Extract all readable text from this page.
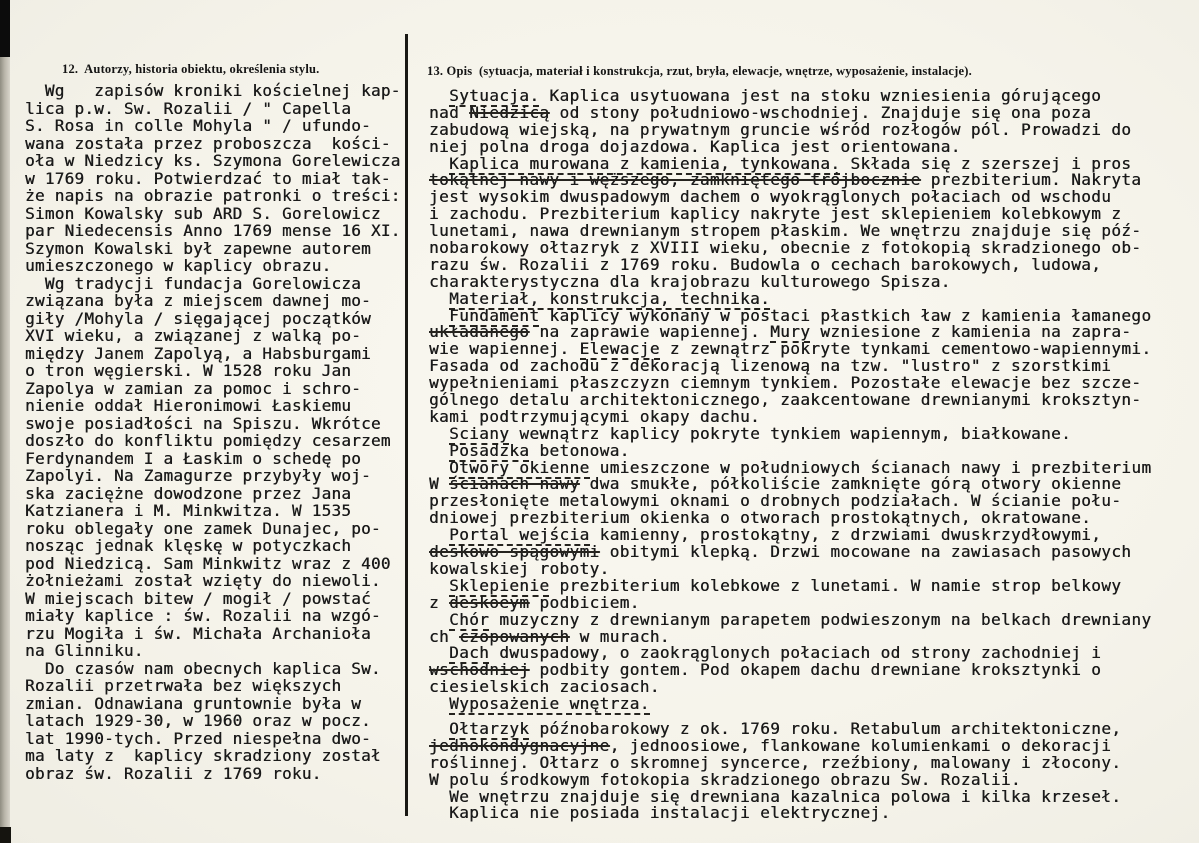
12.  Autorzy, historia obiektu, określenia stylu.
Wg   zapisów kroniki kościelnej kap-
lica p.w. Sw. Rozalii / " Capella
S. Rosa in colle Mohyla " / ufundo-
wana została przez proboszcza  kości-
oła w Niedzicy ks. Szymona Gorelewicza
w 1769 roku. Potwierdzać to miał tak-
że napis na obrazie patronki o treści:
Simon Kowalsky sub ARD S. Gorelowicz
par Niedecensis Anno 1769 mense 16 XI.
Szymon Kowalski był zapewne autorem
umieszczonego w kaplicy obrazu.
Wg tradycji fundacja Gorelowicza
związana była z miejscem dawnej mo-
giły /Mohyla / sięgającej początków
XVI wieku, a związanej z walką po-
między Janem Zapolyą, a Habsburgami
o tron węgierski. W 1528 roku Jan
Zapolya w zamian za pomoc i schro-
nienie oddał Hieronimowi Łaskiemu
swoje posiadłości na Spiszu. Wkrótce
doszło do konfliktu pomiędzy cesarzem
Ferdynandem I a Łaskim o schedę po
Zapolyi. Na Zamagurze przybyły woj-
ska zaciężne dowodzone przez Jana
Katzianera i M. Minkwitza. W 1535
roku oblegały one zamek Dunajec, po-
nosząc jednak klęskę w potyczkach
pod Niedzicą. Sam Minkwitz wraz z 400
żołnieżami został wzięty do niewoli.
W miejscach bitew / mogił / powstać
miały kaplice : św. Rozalii na wzgó-
rzu Mogiła i św. Michała Archanioła
na Glinniku.
Do czasów nam obecnych kaplica Sw.
Rozalii przetrwała bez większych
zmian. Odnawiana gruntownie była w
latach 1929-30, w 1960 oraz w pocz.
lat 1990-tych. Przed niespełna dwo-
ma laty z  kaplicy skradziony został
obraz św. Rozalii z 1769 roku.
13. Opis  (sytuacja, materiał i konstrukcja, rzut, bryła, elewacje, wnętrze, wyposażenie, instalacje).
Sytuacja. Kaplica usytuowana jest na stoku wzniesienia górującego
nad Niedzicą od stony południowo-wschodniej. Znajduje się ona poza
zabudową wiejską, na prywatnym gruncie wśród rozłogów pól. Prowadzi do
niej polna droga dojazdowa. Kaplica jest orientowana.
Kaplica murowana z kamienia, tynkowana. Składa się z szerszej i pros
tokątnej nawy i węższego, zamkniętego trójbocznie prezbiterium. Nakryta
jest wysokim dwuspadowym dachem o wyokrąglonych połaciach od wschodu
i zachodu. Prezbiterium kaplicy nakryte jest sklepieniem kolebkowym z
lunetami, nawa drewnianym stropem płaskim. We wnętrzu znajduje się póź-
nobarokowy ołtazryk z XVIII wieku, obecnie z fotokopią skradzionego ob-
razu św. Rozalii z 1769 roku. Budowla o cechach barokowych, ludowa,
charakterystyczna dla krajobrazu kulturowego Spisza.
Materiał, konstrukcja, technika.
Fundament kaplicy wykonany w postaci płastkich ław z kamienia łamanego
układanego na zaprawie wapiennej. Mury wzniesione z kamienia na zapra-
wie wapiennej. Elewacje z zewnątrz pokryte tynkami cementowo-wapiennymi.
Fasada od zachodu z dekoracją lizenową na tzw. "lustro" z szorstkimi
wypełnieniami płaszczyzn ciemnym tynkiem. Pozostałe elewacje bez szcze-
gólnego detalu architektonicznego, zaakcentowane drewnianymi kroksztyn-
kami podtrzymującymi okapy dachu.
Sciany wewnątrz kaplicy pokryte tynkiem wapiennym, białkowane.
Posadzka betonowa.
Otwory okienne umieszczone w południowych ścianach nawy i prezbiterium
W ścianach nawy dwa smukłe, półkoliście zamknięte górą otwory okienne
przesłonięte metalowymi oknami o drobnych podziałach. W ścianie połu-
dniowej prezbiterium okienka o otworach prostokątnych, okratowane.
Portal wejścia kamienny, prostokątny, z drzwiami dwuskrzydłowymi,
deskowo-spągowymi obitymi klepką. Drzwi mocowane na zawiasach pasowych
kowalskiej roboty.
Sklepienie prezbiterium kolebkowe z lunetami. W namie strop belkowy
z deskoeym podbiciem.
Chór muzyczny z drewnianym parapetem podwieszonym na belkach drewniany
ch czopowanych w murach.
Dach dwuspadowy, o zaokrąglonych połaciach od strony zachodniej i
wschodniej podbity gontem. Pod okapem dachu drewniane kroksztynki o
ciesielskich zaciosach.
Wyposażenie wnętrza.
Ołtarzyk późnobarokowy z ok. 1769 roku. Retabulum architektoniczne,
jednokondygnacyjne, jednoosiowe, flankowane kolumienkami o dekoracji
roślinnej. Ołtarz o skromnej syncerce, rzeźbiony, malowany i złocony.
W polu środkowym fotokopia skradzionego obrazu Sw. Rozalii.
We wnętrzu znajduje się drewniana kazalnica polowa i kilka krzeseł.
Kaplica nie posiada instalacji elektrycznej.
